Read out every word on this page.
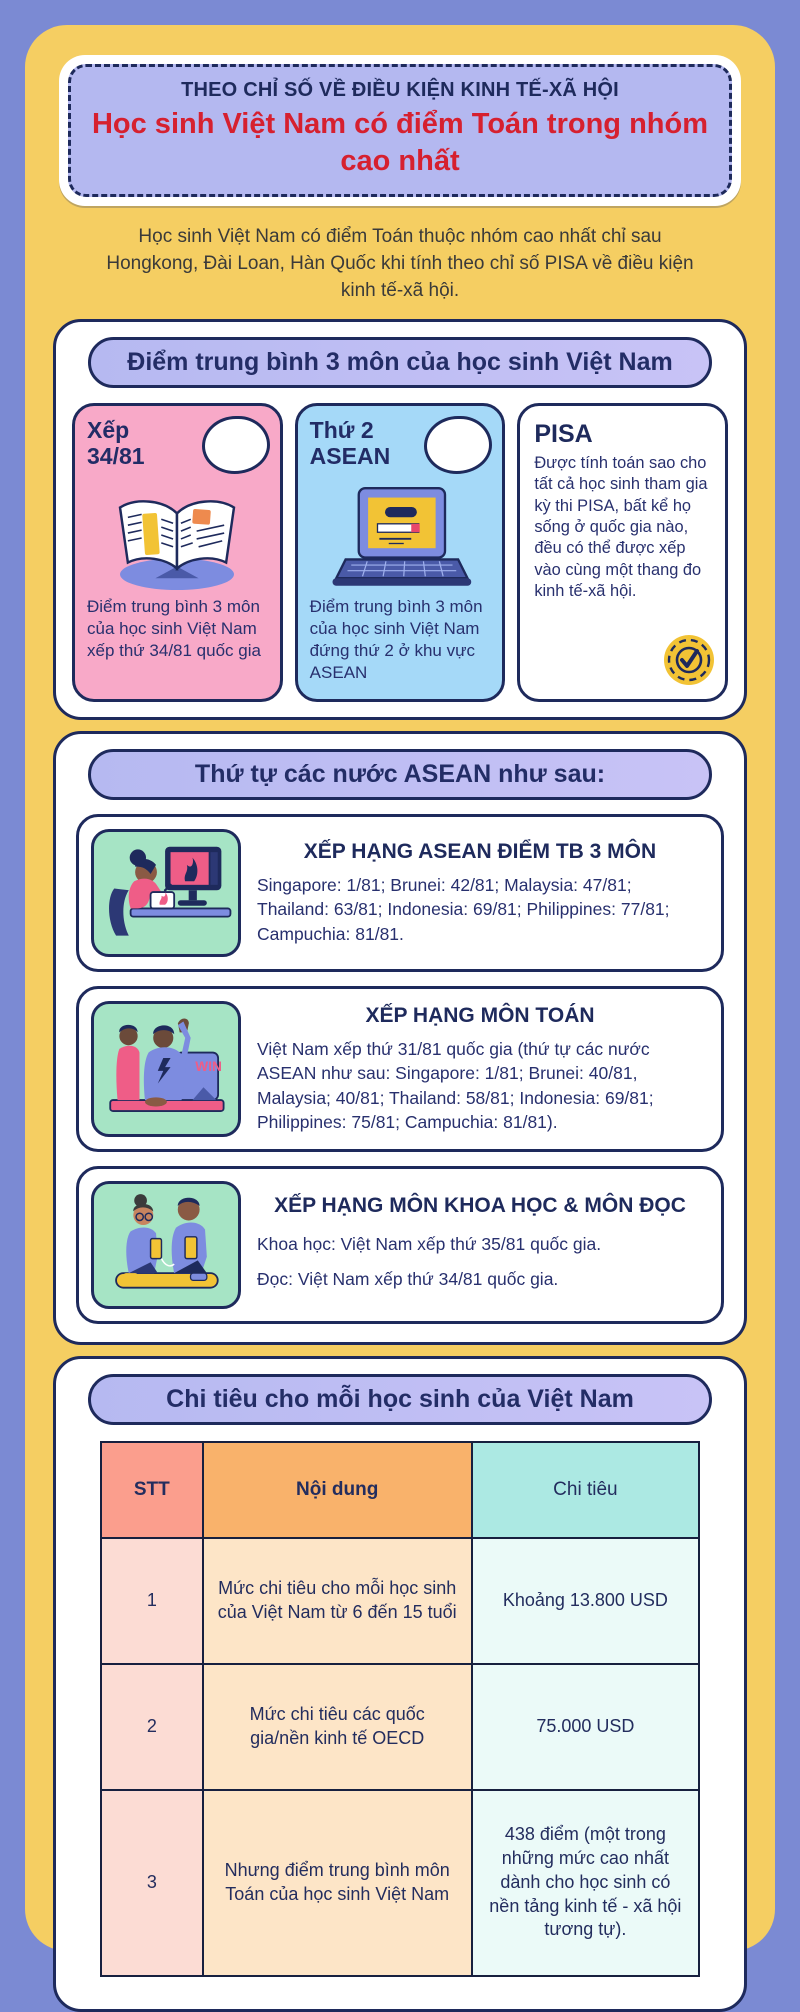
THEO CHỈ SỐ VỀ ĐIỀU KIỆN KINH TẾ-XÃ HỘI
Học sinh Việt Nam có điểm Toán trong nhóm cao nhất
Học sinh Việt Nam có điểm Toán thuộc nhóm cao nhất chỉ sau Hongkong, Đài Loan, Hàn Quốc khi tính theo chỉ số PISA về điều kiện kinh tế-xã hội.
Điểm trung bình 3 môn của học sinh Việt Nam
Xếp
34/81
Điểm trung bình 3 môn của học sinh Việt Nam xếp thứ 34/81 quốc gia
Thứ 2
ASEAN
Điểm trung bình 3 môn của học sinh Việt Nam đứng thứ 2 ở khu vực ASEAN
PISA
Được tính toán sao cho tất cả học sinh tham gia kỳ thi PISA, bất kể họ sống ở quốc gia nào, đều có thể được xếp vào cùng một thang đo kinh tế-xã hội.
Thứ tự các nước ASEAN như sau:
XẾP HẠNG ASEAN ĐIỂM TB 3 MÔN
Singapore: 1/81; Brunei: 42/81; Malaysia: 47/81; Thailand: 63/81; Indonesia: 69/81; Philippines: 77/81; Campuchia: 81/81.
WIN
XẾP HẠNG MÔN TOÁN
Việt Nam xếp thứ 31/81 quốc gia (thứ tự các nước ASEAN như sau: Singapore: 1/81; Brunei: 40/81, Malaysia; 40/81; Thailand: 58/81; Indonesia: 69/81; Philippines: 75/81; Campuchia: 81/81).
XẾP HẠNG MÔN KHOA HỌC & MÔN ĐỌC
Khoa học: Việt Nam xếp thứ 35/81 quốc gia.
Đọc: Việt Nam xếp thứ 34/81 quốc gia.
Chi tiêu cho mỗi học sinh của Việt Nam
STT	Nội dung	Chi tiêu
1	Mức chi tiêu cho mỗi học sinh của Việt Nam từ 6 đến 15 tuổi	Khoảng 13.800 USD
2	Mức chi tiêu các quốc gia/nền kinh tế OECD	75.000 USD
3	Nhưng điểm trung bình môn Toán của học sinh Việt Nam	438 điểm (một trong những mức cao nhất dành cho học sinh có nền tảng kinh tế - xã hội tương tự).
